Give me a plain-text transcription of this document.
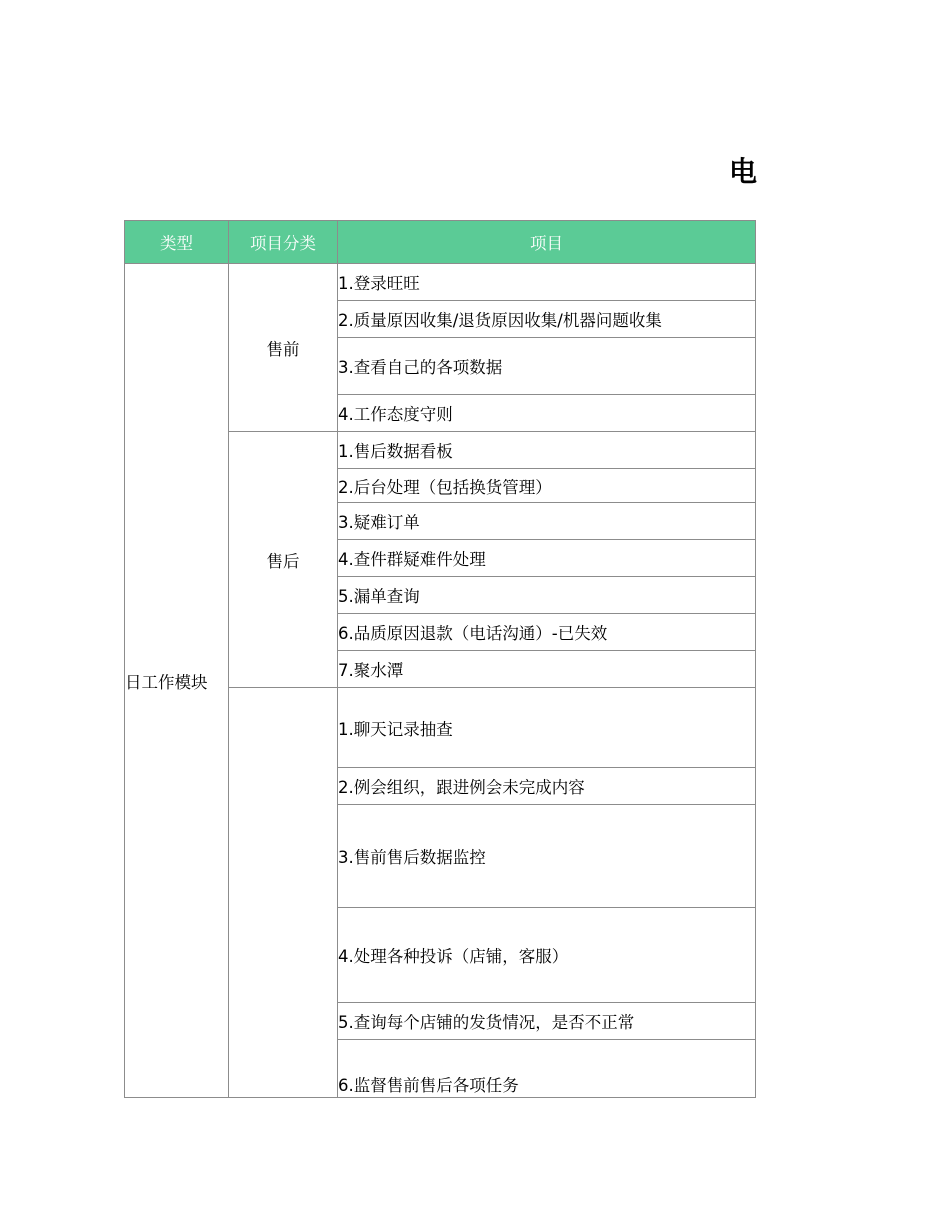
电
类型	项目分类	项目
日工作模块	售前	1.登录旺旺
		2.质量原因收集/退货原因收集/机器问题收集
		3.查看自己的各项数据
		4.工作态度守则
	售后	1.售后数据看板
		2.后台处理（包括换货管理）
		3.疑难订单
		4.查件群疑难件处理
		5.漏单查询
		6.品质原因退款（电话沟通）-已失效
		7.聚水潭
		1.聊天记录抽查
		2.例会组织，跟进例会未完成内容
		3.售前售后数据监控
		4.处理各种投诉（店铺，客服）
		5.查询每个店铺的发货情况，是否不正常
		6.监督售前售后各项任务
